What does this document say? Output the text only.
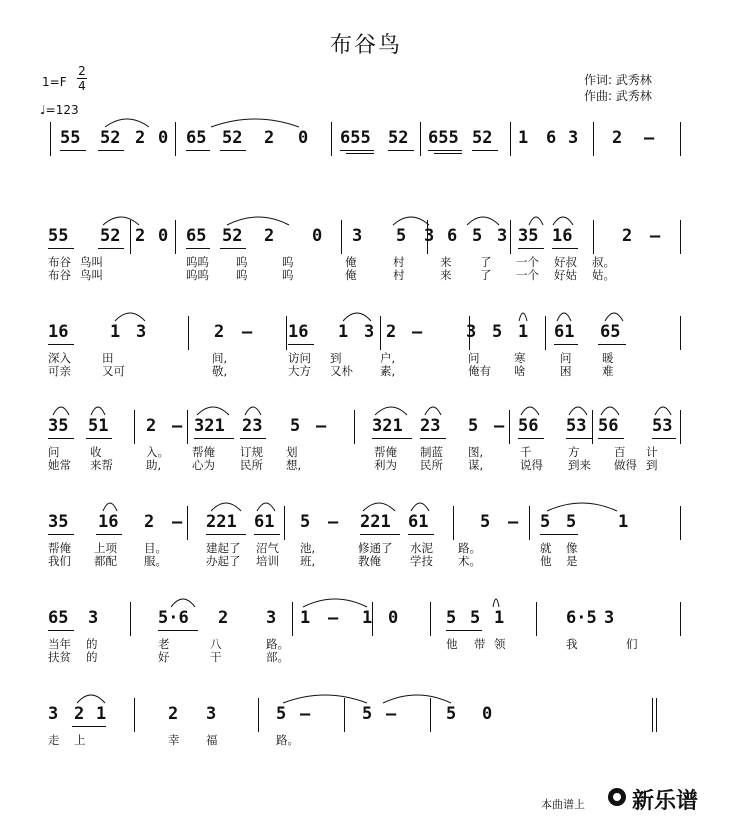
布谷鸟
1=F
2
4
♩=123
作词: 武秀林
作曲: 武秀林
55 52 2 0 65 52 2 0 655 52 655 52 1 6 3 2 –
55 52 2 0 65 52 2 0 3 5 3 6 5 3 35 16	2 –
布谷 鸟叫	呜呜 呜	呜	俺	村	来 了 一个 好叔 叔。
布谷 鸟叫	呜呜 呜	呜	俺	村	来 了 一个 好姑 姑。
16 1 3	2 – 16 1 3 2 –	3 5 1 61 65
深入	田	间,	访问 到	户,	问	寒	问	暖
可亲	又可	敬,	大方 又朴 素,	俺有 啥	困	难
35 51 2 – 321 23 5 –	321 23 5 – 56 53 56 53
问	收	入。 帮俺 订规 划	帮俺 制蓝 图,	千	方	百 计
她常 来帮	助,	心为 民所 想,	利为 民所 谋,	说得 到来 做得 到
35 16 2 – 221 61 5 – 221 61	5 – 5 5 1
帮俺 上项 目。	建起了 沼气 池,	修通了 水泥 路。	就 像
我们 都配 服。	办起了 培训 班,	教俺	学技 术。	他 是
65 3	5·6 2 3 1 – 1 0	5 5 1	6·5 3
当年 的	老	八	路。	他 带 领	我	们
扶贫 的	好	干	部。
3 2 1	2 3	5 –	5 –	5 0
走 上	幸 福	路。
本曲谱上 新乐谱
